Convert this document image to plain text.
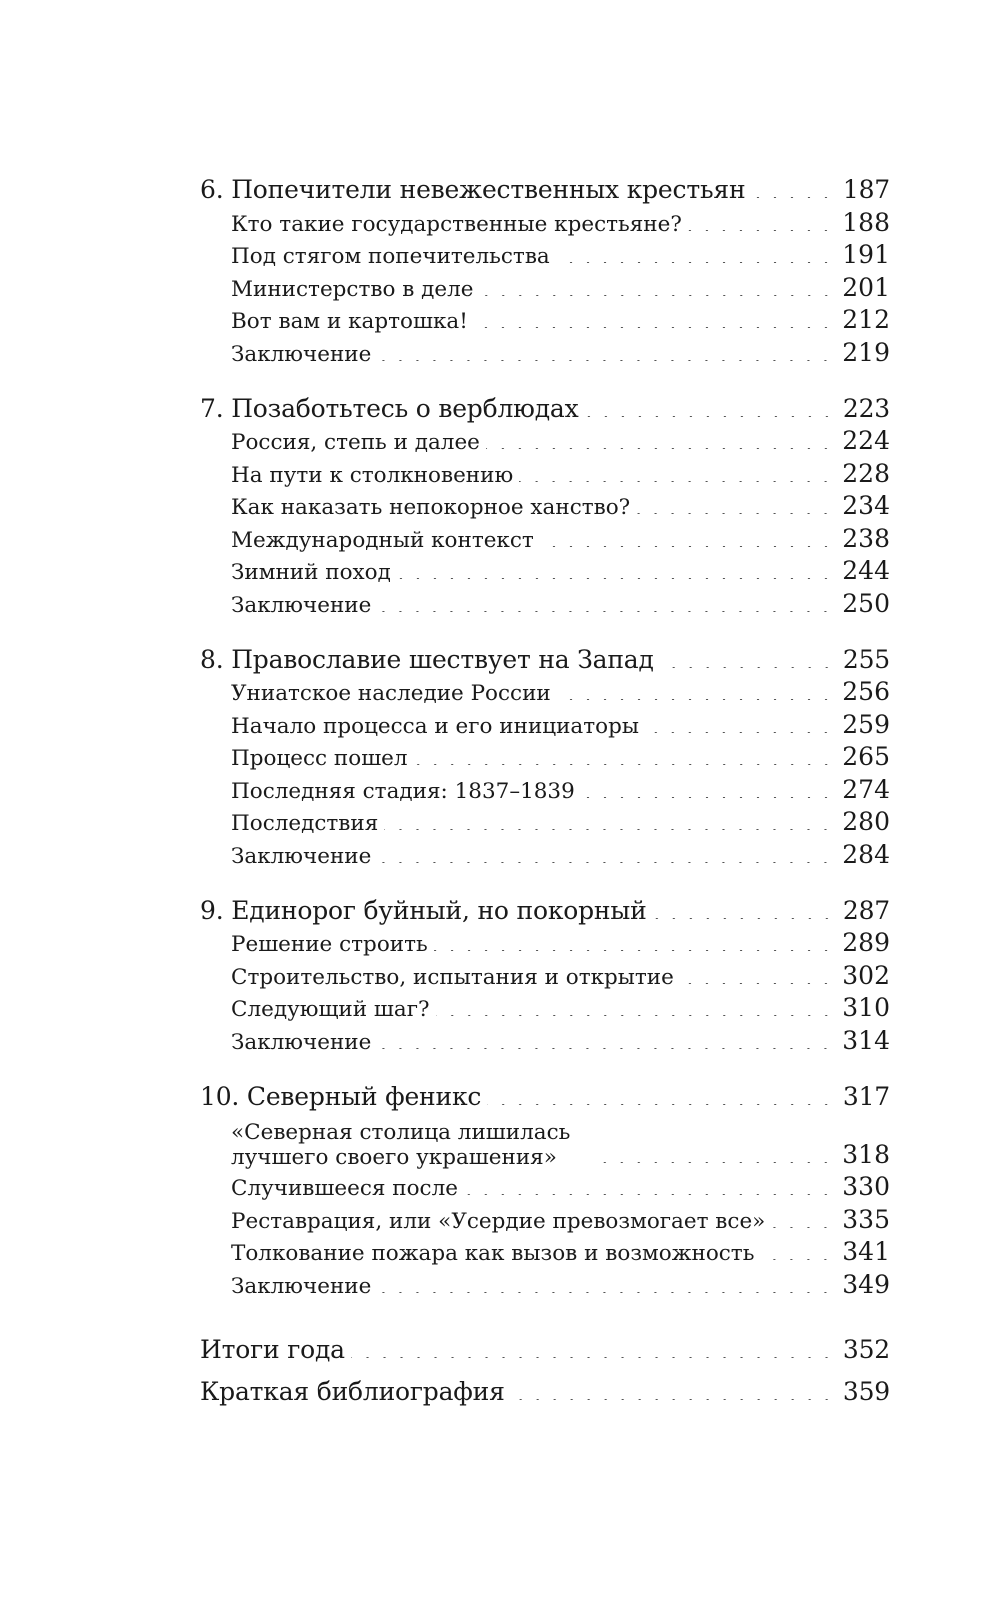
6. Попечители невежественных крестьян	187
Кто такие государственные крестьяне?	188
Под стягом попечительства	191
Министерство в деле	201
Вот вам и картошка!	212
Заключение	219
7. Позаботьтесь о верблюдах	223
Россия, степь и далее	224
На пути к столкновению	228
Как наказать непокорное ханство?	234
Международный контекст	238
Зимний поход	244
Заключение	250
8. Православие шествует на Запад	255
Униатское наследие России	256
Начало процесса и его инициаторы	259
Процесс пошел	265
Последняя стадия: 1837–1839	274
Последствия	280
Заключение	284
9. Единорог буйный, но покорный	287
Решение строить	289
Строительство, испытания и открытие	302
Следующий шаг?	310
Заключение	314
10. Северный феникс	317
«Северная столица лишилась лучшего своего украшения»	318
Случившееся после	330
Реставрация, или «Усердие превозмогает все»	335
Толкование пожара как вызов и возможность	341
Заключение	349
Итоги года	352
Краткая библиография	359
